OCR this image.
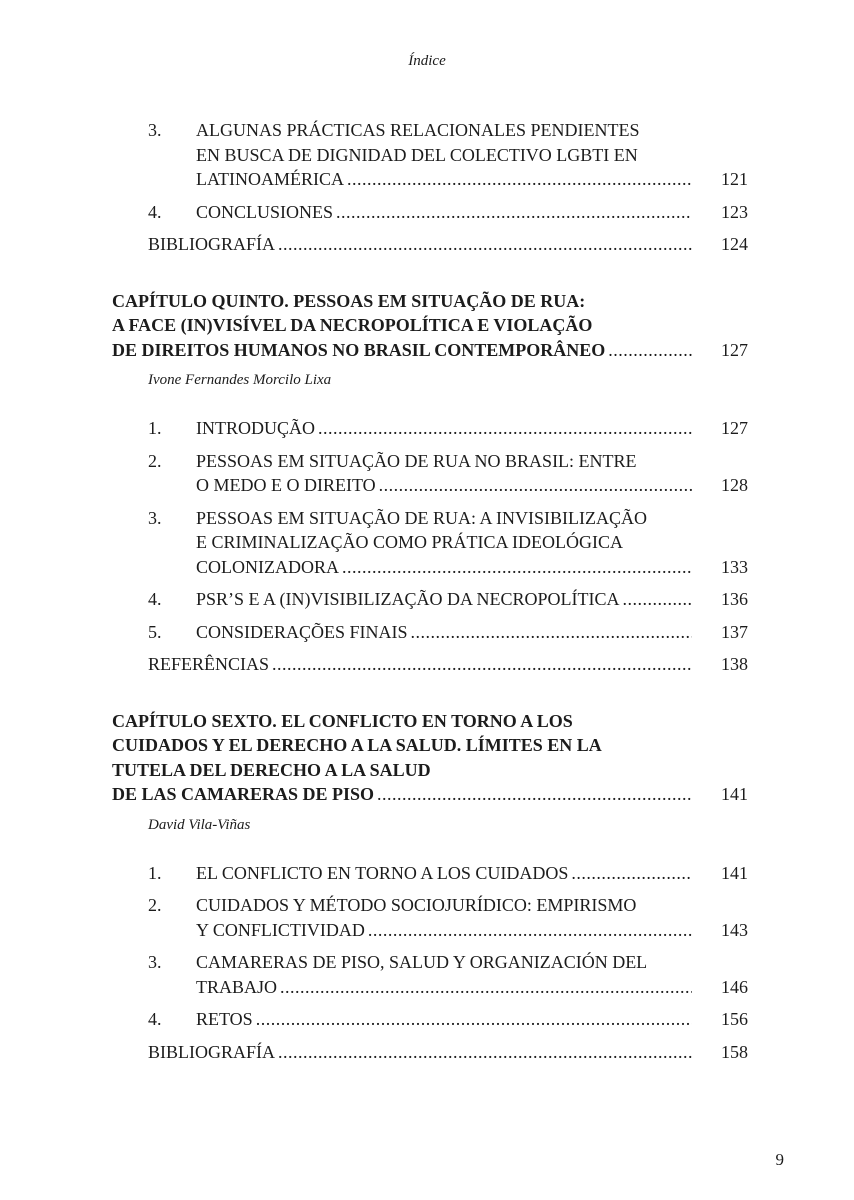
Índice
3.	ALGUNAS PRÁCTICAS RELACIONALES PENDIENTES
EN BUSCA DE DIGNIDAD DEL COLECTIVO LGBTI EN
LATINOAMÉRICA .....	121
4.	CONCLUSIONES .....	123
BIBLIOGRAFÍA .....	124
CAPÍTULO QUINTO. PESSOAS EM SITUAÇÃO DE RUA:
A FACE (IN)VISÍVEL DA NECROPOLÍTICA E VIOLAÇÃO
DE DIREITOS HUMANOS NO BRASIL CONTEMPORÂNEO .....	127
Ivone Fernandes Morcilo Lixa
1.	INTRODUÇÃO .....	127
2.	PESSOAS EM SITUAÇÃO DE RUA NO BRASIL: ENTRE
O MEDO E O DIREITO .....	128
3.	PESSOAS EM SITUAÇÃO DE RUA: A INVISIBILIZAÇÃO
E CRIMINALIZAÇÃO COMO PRÁTICA IDEOLÓGICA
COLONIZADORA .....	133
4.	PSR’S E A (IN)VISIBILIZAÇÃO DA NECROPOLÍTICA .....	136
5.	CONSIDERAÇÕES FINAIS .....	137
REFERÊNCIAS .....	138
CAPÍTULO SEXTO. EL CONFLICTO EN TORNO A LOS
CUIDADOS Y EL DERECHO A LA SALUD. LÍMITES EN LA
TUTELA DEL DERECHO A LA SALUD
DE LAS CAMARERAS DE PISO .....	141
David Vila-Viñas
1.	EL CONFLICTO EN TORNO A LOS CUIDADOS .....	141
2.	CUIDADOS Y MÉTODO SOCIOJURÍDICO: EMPIRISMO
Y CONFLICTIVIDAD .....	143
3.	CAMARERAS DE PISO, SALUD Y ORGANIZACIÓN DEL
TRABAJO .....	146
4.	RETOS .....	156
BIBLIOGRAFÍA .....	158
9
